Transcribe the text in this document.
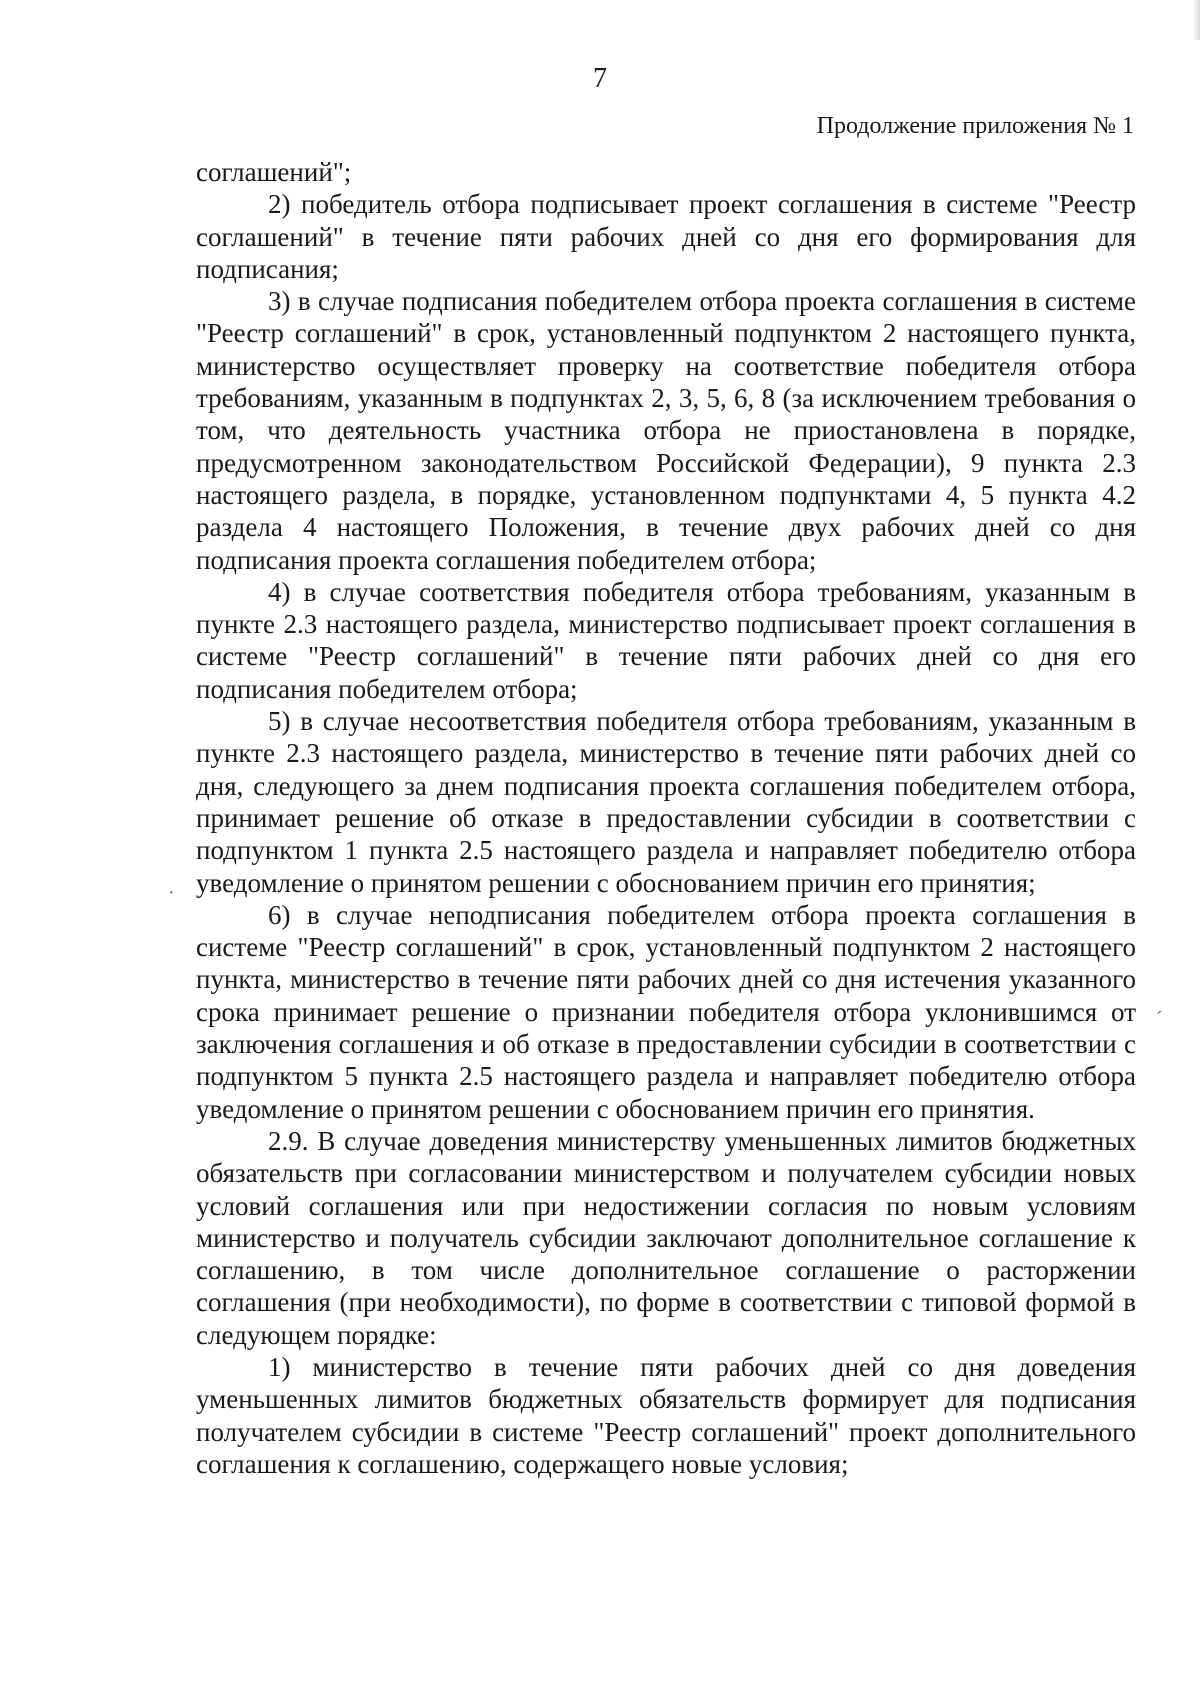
7
Продолжение приложения № 1

соглашений";

2) победитель отбора подписывает проект соглашения в системе "Реестр соглашений" в течение пяти рабочих дней со дня его формирования для подписания;

3) в случае подписания победителем отбора проекта соглашения в системе "Реестр соглашений" в срок, установленный подпунктом 2 настоящего пункта, министерство осуществляет проверку на соответствие победителя отбора требованиям, указанным в подпунктах 2, 3, 5, 6, 8 (за исключением требования о том, что деятельность участника отбора не приостановлена в порядке, предусмотренном законодательством Российской Федерации), 9 пункта 2.3 настоящего раздела, в порядке, установленном подпунктами 4, 5 пункта 4.2 раздела 4 настоящего Положения, в течение двух рабочих дней со дня подписания проекта соглашения победителем отбора;

4) в случае соответствия победителя отбора требованиям, указанным в пункте 2.3 настоящего раздела, министерство подписывает проект соглашения в системе "Реестр соглашений" в течение пяти рабочих дней со дня его подписания победителем отбора;

5) в случае несоответствия победителя отбора требованиям, указанным в пункте 2.3 настоящего раздела, министерство в течение пяти рабочих дней со дня, следующего за днем подписания проекта соглашения победителем отбора, принимает решение об отказе в предоставлении субсидии в соответствии с подпунктом 1 пункта 2.5 настоящего раздела и направляет победителю отбора уведомление о принятом решении с обоснованием причин его принятия;

6) в случае неподписания победителем отбора проекта соглашения в системе "Реестр соглашений" в срок, установленный подпунктом 2 настоящего пункта, министерство в течение пяти рабочих дней со дня истечения указанного срока принимает решение о признании победителя отбора уклонившимся от заключения соглашения и об отказе в предоставлении субсидии в соответствии с подпунктом 5 пункта 2.5 настоящего раздела и направляет победителю отбора уведомление о принятом решении с обоснованием причин его принятия.

2.9. В случае доведения министерству уменьшенных лимитов бюджетных обязательств при согласовании министерством и получателем субсидии новых условий соглашения или при недостижении согласия по новым условиям министерство и получатель субсидии заключают дополнительное соглашение к соглашению, в том числе дополнительное соглашение о расторжении соглашения (при необходимости), по форме в соответствии с типовой формой в следующем порядке:

1) министерство в течение пяти рабочих дней со дня доведения уменьшенных лимитов бюджетных обязательств формирует для подписания получателем субсидии в системе "Реестр соглашений" проект дополнительного соглашения к соглашению, содержащего новые условия;

·
ˊ
